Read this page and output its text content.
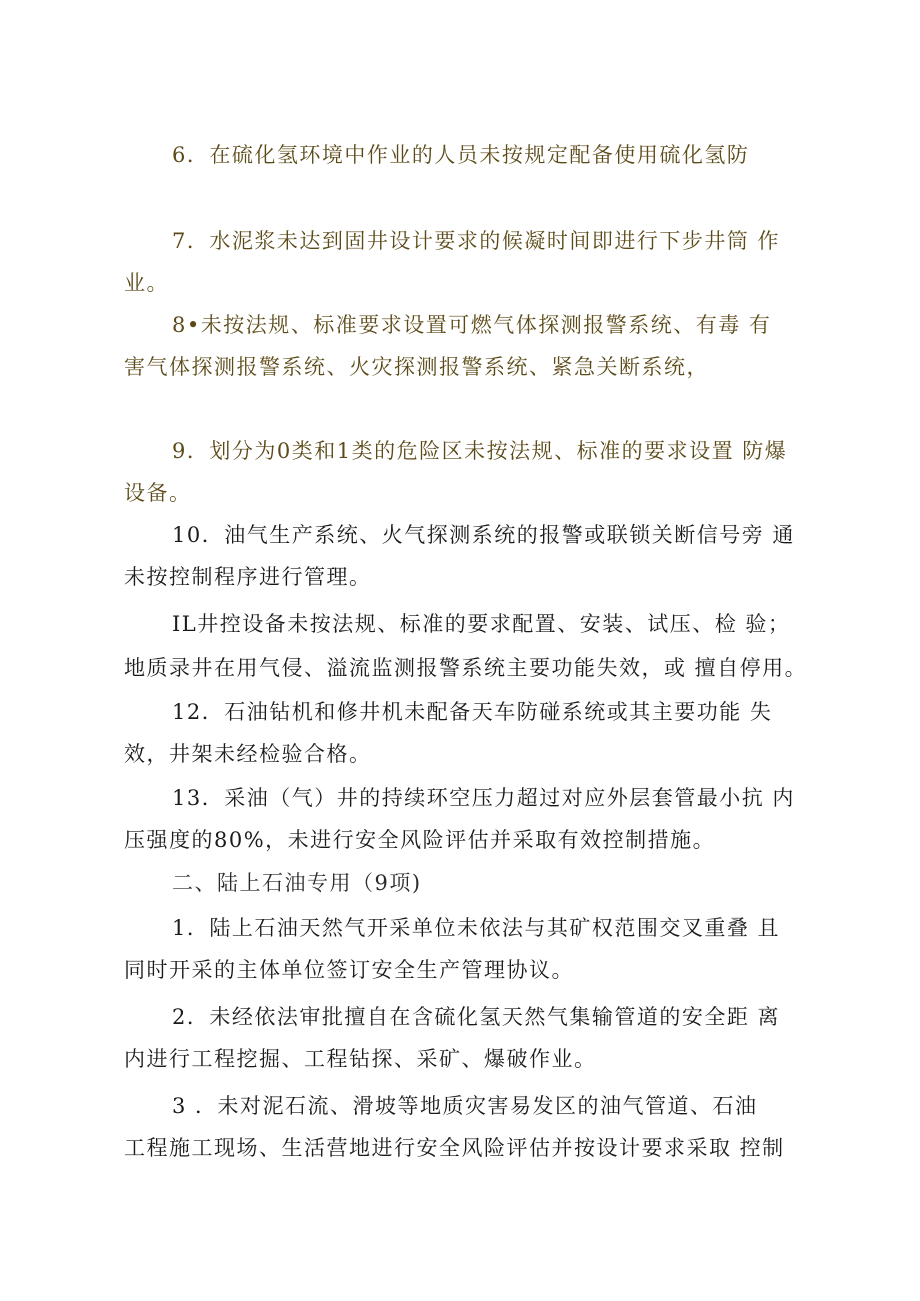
6．在硫化氢环境中作业的人员未按规定配备使用硫化氢防
7．水泥浆未达到固井设计要求的候凝时间即进行下步井筒 作
业。
8•未按法规、标准要求设置可燃气体探测报警系统、有毒 有
害气体探测报警系统、火灾探测报警系统、紧急关断系统，
9．划分为0类和1类的危险区未按法规、标准的要求设置 防爆
设备。
10．油气生产系统、火气探测系统的报警或联锁关断信号旁 通
未按控制程序进行管理。
IL井控设备未按法规、标准的要求配置、安装、试压、检 验；
地质录井在用气侵、溢流监测报警系统主要功能失效，或 擅自停用。
12．石油钻机和修井机未配备天车防碰系统或其主要功能 失
效，井架未经检验合格。
13．采油（气）井的持续环空压力超过对应外层套管最小抗 内
压强度的80%，未进行安全风险评估并采取有效控制措施。
二、陆上石油专用（9项)
1．陆上石油天然气开采单位未依法与其矿权范围交叉重叠 且
同时开采的主体单位签订安全生产管理协议。
2．未经依法审批擅自在含硫化氢天然气集输管道的安全距 离
内进行工程挖掘、工程钻探、采矿、爆破作业。
3 ．未对泥石流、滑坡等地质灾害易发区的油气管道、石油
工程施工现场、生活营地进行安全风险评估并按设计要求采取 控制
